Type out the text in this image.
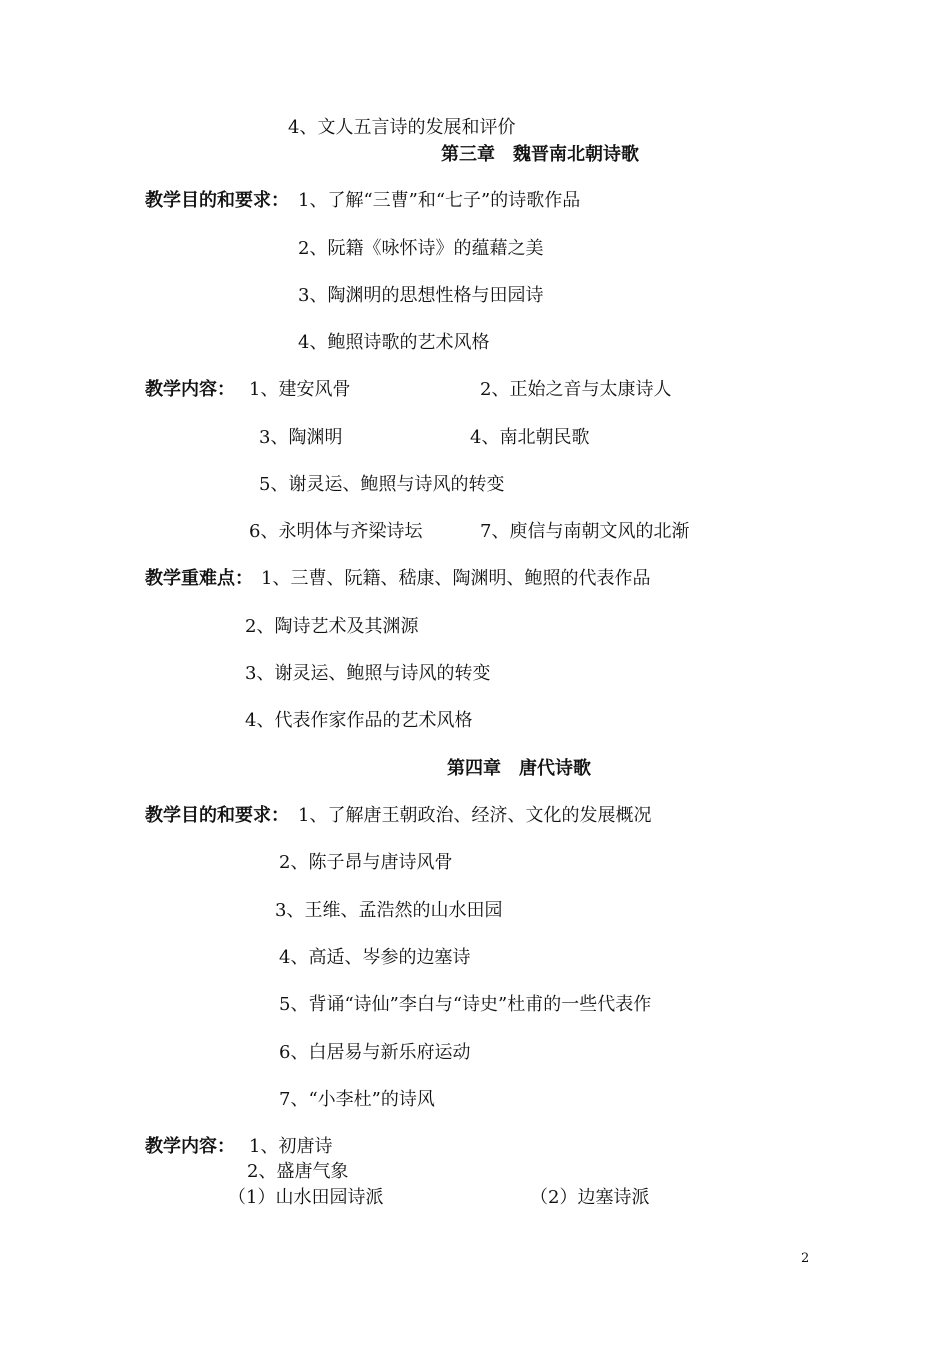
4、文人五言诗的发展和评价

第三章　魏晋南北朝诗歌

教学目的和要求： 1、了解“三曹”和“七子”的诗歌作品

2、阮籍《咏怀诗》的蕴藉之美

3、陶渊明的思想性格与田园诗

4、鲍照诗歌的艺术风格

教学内容： 1、建安风骨	2、正始之音与太康诗人

3、陶渊明	4、南北朝民歌

5、谢灵运、鲍照与诗风的转变

6、永明体与齐梁诗坛	7、庾信与南朝文风的北渐

教学重难点： 1、三曹、阮籍、嵇康、陶渊明、鲍照的代表作品

2、陶诗艺术及其渊源

3、谢灵运、鲍照与诗风的转变

4、代表作家作品的艺术风格

第四章　唐代诗歌

教学目的和要求： 1、了解唐王朝政治、经济、文化的发展概况

2、陈子昂与唐诗风骨

3、王维、孟浩然的山水田园

4、高适、岑参的边塞诗

5、背诵“诗仙”李白与“诗史”杜甫的一些代表作

6、白居易与新乐府运动

7、“小李杜”的诗风

教学内容： 1、初唐诗

2、盛唐气象

（1）山水田园诗派	（2）边塞诗派

2
